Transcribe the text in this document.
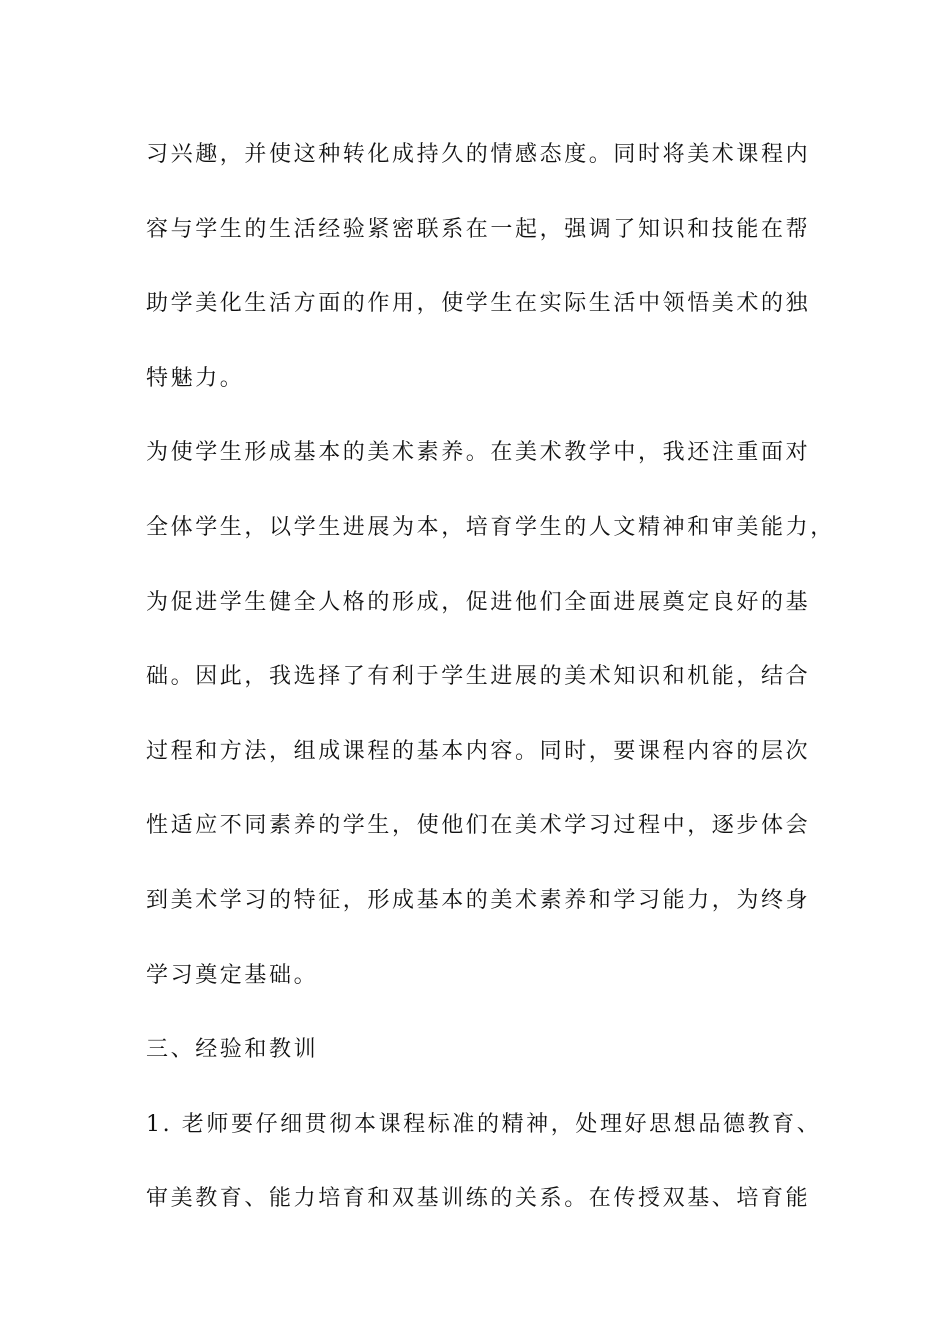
习兴趣，并使这种转化成持久的情感态度。同时将美术课程内
容与学生的生活经验紧密联系在一起，强调了知识和技能在帮
助学美化生活方面的作用，使学生在实际生活中领悟美术的独
特魅力。
为使学生形成基本的美术素养。在美术教学中，我还注重面对
全体学生，以学生进展为本，培育学生的人文精神和审美能力，
为促进学生健全人格的形成，促进他们全面进展奠定良好的基
础。因此，我选择了有利于学生进展的美术知识和机能，结合
过程和方法，组成课程的基本内容。同时，要课程内容的层次
性适应不同素养的学生，使他们在美术学习过程中，逐步体会
到美术学习的特征，形成基本的美术素养和学习能力，为终身
学习奠定基础。
三、经验和教训
1. 老师要仔细贯彻本课程标准的精神，处理好思想品德教育、
审美教育、能力培育和双基训练的关系。在传授双基、培育能
